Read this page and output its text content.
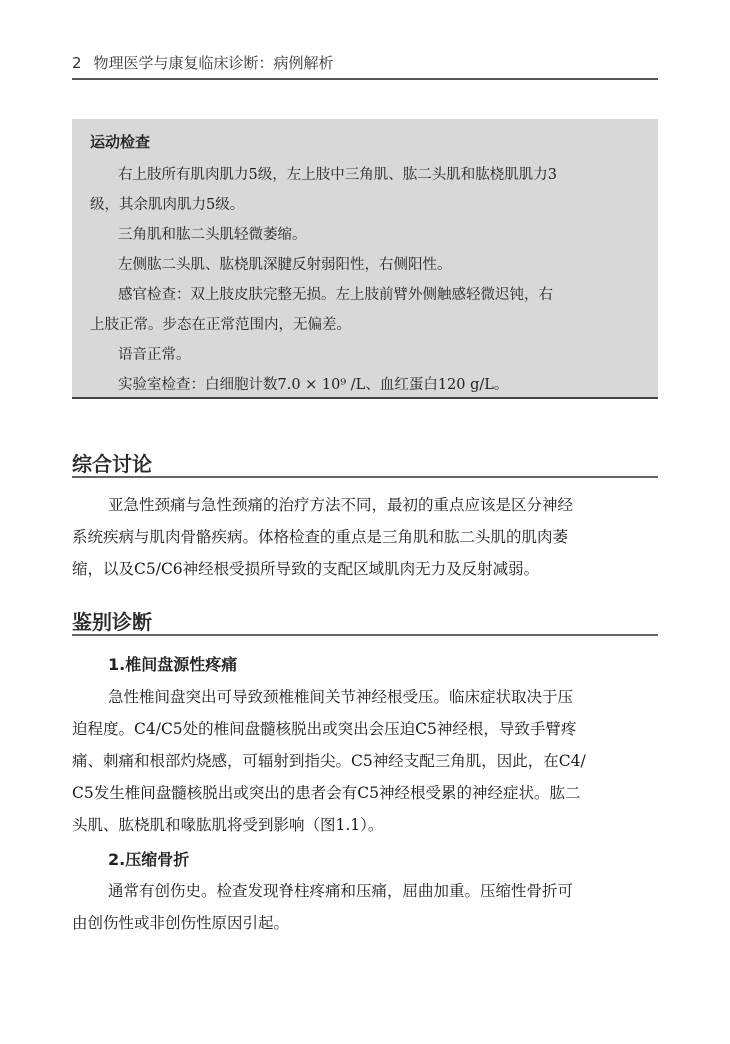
2 物理医学与康复临床诊断：病例解析
运动检查
右上肢所有肌肉肌力5级，左上肢中三角肌、肱二头肌和肱桡肌肌力3
级，其余肌肉肌力5级。
三角肌和肱二头肌轻微萎缩。
左侧肱二头肌、肱桡肌深腱反射弱阳性，右侧阳性。
感官检查：双上肢皮肤完整无损。左上肢前臂外侧触感轻微迟钝，右
上肢正常。步态在正常范围内，无偏差。
语音正常。
实验室检查：白细胞计数7.0 × 10⁹ /L、血红蛋白120 g/L。
综合讨论
亚急性颈痛与急性颈痛的治疗方法不同，最初的重点应该是区分神经
系统疾病与肌肉骨骼疾病。体格检查的重点是三角肌和肱二头肌的肌肉萎
缩，以及C5/C6神经根受损所导致的支配区域肌肉无力及反射减弱。
鉴别诊断
1.椎间盘源性疼痛
急性椎间盘突出可导致颈椎椎间关节神经根受压。临床症状取决于压
迫程度。C4/C5处的椎间盘髓核脱出或突出会压迫C5神经根，导致手臂疼
痛、刺痛和根部灼烧感，可辐射到指尖。C5神经支配三角肌，因此，在C4/
C5发生椎间盘髓核脱出或突出的患者会有C5神经根受累的神经症状。肱二
头肌、肱桡肌和喙肱肌将受到影响（图1.1）。
2.压缩骨折
通常有创伤史。检查发现脊柱疼痛和压痛，屈曲加重。压缩性骨折可
由创伤性或非创伤性原因引起。
